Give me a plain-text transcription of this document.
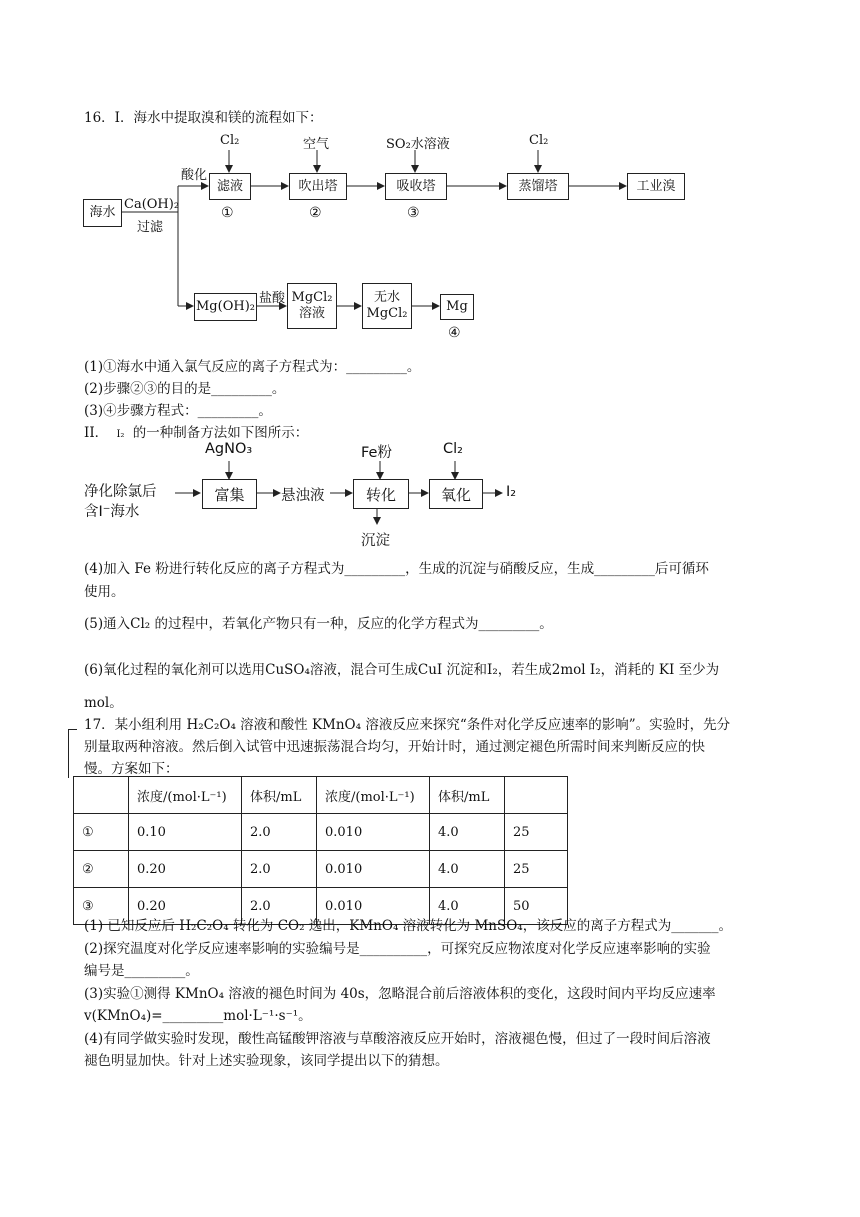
16．I．海水中提取溴和镁的流程如下：
海水
Ca(OH)₂
过滤
酸化
滤液	吹出塔	吸收塔	蒸馏塔	工业溴
Cl₂	空气	SO₂水溶液	Cl₂
①	②	③
Mg(OH)₂
盐酸 MgCl₂
溶液
无水
MgCl₂	Mg
④
(1)①海水中通入氯气反应的离子方程式为：_________。
(2)步骤②③的目的是_________。
(3)④步骤方程式：_________。
II． I₂ 的一种制备方法如下图所示：
净化除氯后
含I⁻海水
AgNO₃
富集	悬浊液
Fe粉
转化
沉淀
Cl₂
氧化	I₂
(4)加入 Fe 粉进行转化反应的离子方程式为_________，生成的沉淀与硝酸反应，生成_________后可循环
使用。
(5)通入Cl₂ 的过程中，若氧化产物只有一种，反应的化学方程式为_________。
(6)氧化过程的氧化剂可以选用CuSO₄溶液，混合可生成CuI 沉淀和I₂，若生成2mol I₂，消耗的 KI 至少为
mol。
17．某小组利用 H₂C₂O₄ 溶液和酸性 KMnO₄ 溶液反应来探究“条件对化学反应速率的影响”。实验时，先分
别量取两种溶液。然后倒入试管中迅速振荡混合均匀，开始计时，通过测定褪色所需时间来判断反应的快
慢。方案如下：
	浓度/(mol·L⁻¹)	体积/mL	浓度/(mol·L⁻¹)	体积/mL	
①	0.10	2.0	0.010	4.0	25
②	0.20	2.0	0.010	4.0	25
③	0.20	2.0	0.010	4.0	50
(1) 已知反应后 H₂C₂O₄ 转化为 CO₂ 逸出，KMnO₄ 溶液转化为 MnSO₄，该反应的离子方程式为_______。
(2)探究温度对化学反应速率影响的实验编号是__________，可探究反应物浓度对化学反应速率影响的实验
编号是_________。
(3)实验①测得 KMnO₄ 溶液的褪色时间为 40s，忽略混合前后溶液体积的变化，这段时间内平均反应速率
v(KMnO₄)=_________mol·L⁻¹·s⁻¹。
(4)有同学做实验时发现，酸性高锰酸钾溶液与草酸溶液反应开始时，溶液褪色慢，但过了一段时间后溶液
褪色明显加快。针对上述实验现象，该同学提出以下的猜想。
